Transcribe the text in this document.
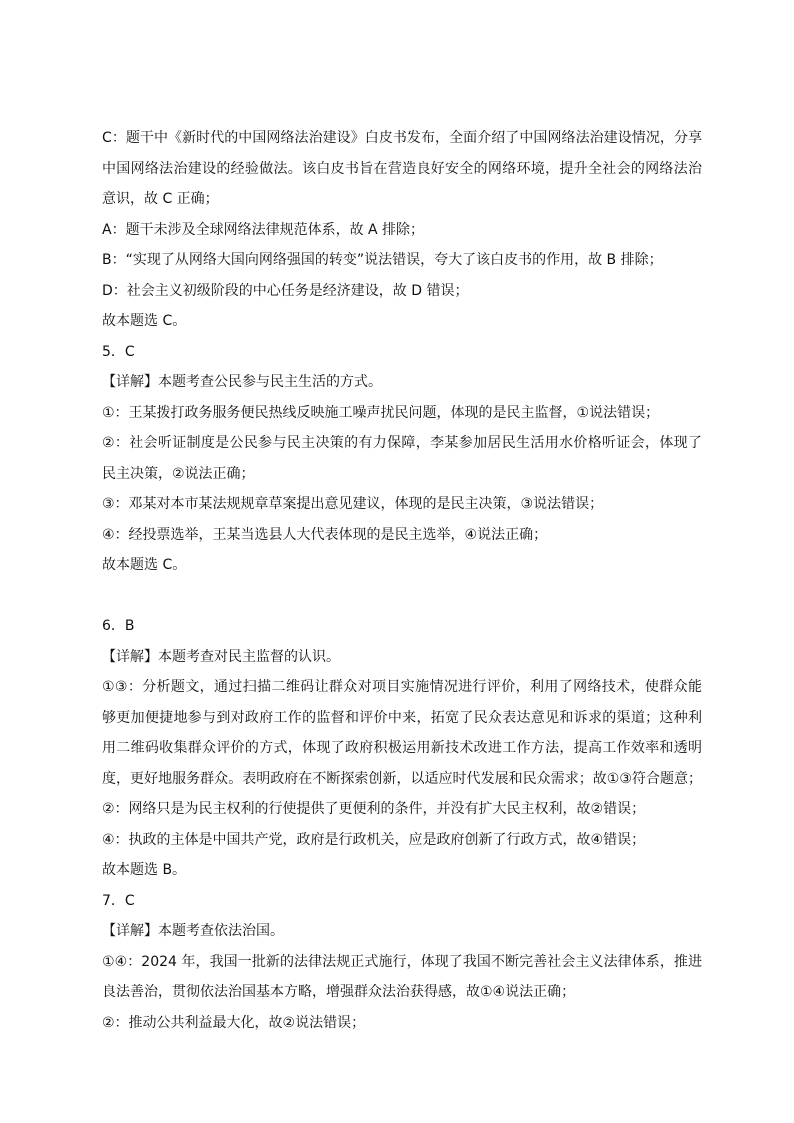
C：题干中《新时代的中国网络法治建设》白皮书发布，全面介绍了中国网络法治建设情况，分享

中国网络法治建设的经验做法。该白皮书旨在营造良好安全的网络环境，提升全社会的网络法治

意识，故 C 正确；

A：题干未涉及全球网络法律规范体系，故 A 排除；

B：“实现了从网络大国向网络强国的转变”说法错误，夸大了该白皮书的作用，故 B 排除；

D：社会主义初级阶段的中心任务是经济建设，故 D 错误；

故本题选 C。

5．C

【详解】本题考查公民参与民主生活的方式。

①：王某拨打政务服务便民热线反映施工噪声扰民问题，体现的是民主监督，①说法错误；

②：社会听证制度是公民参与民主决策的有力保障，李某参加居民生活用水价格听证会，体现了

民主决策，②说法正确；

③：邓某对本市某法规规章草案提出意见建议，体现的是民主决策，③说法错误；

④：经投票选举，王某当选县人大代表体现的是民主选举，④说法正确；

故本题选 C。

6．B

【详解】本题考查对民主监督的认识。

①③：分析题文，通过扫描二维码让群众对项目实施情况进行评价，利用了网络技术，使群众能

够更加便捷地参与到对政府工作的监督和评价中来，拓宽了民众表达意见和诉求的渠道；这种利

用二维码收集群众评价的方式，体现了政府积极运用新技术改进工作方法，提高工作效率和透明

度，更好地服务群众。表明政府在不断探索创新，以适应时代发展和民众需求；故①③符合题意；

②：网络只是为民主权利的行使提供了更便利的条件，并没有扩大民主权利，故②错误；

④：执政的主体是中国共产党，政府是行政机关，应是政府创新了行政方式，故④错误；

故本题选 B。

7．C

【详解】本题考查依法治国。

①④：2024 年，我国一批新的法律法规正式施行，体现了我国不断完善社会主义法律体系，推进

良法善治，贯彻依法治国基本方略，增强群众法治获得感，故①④说法正确；

②：推动公共利益最大化，故②说法错误；
